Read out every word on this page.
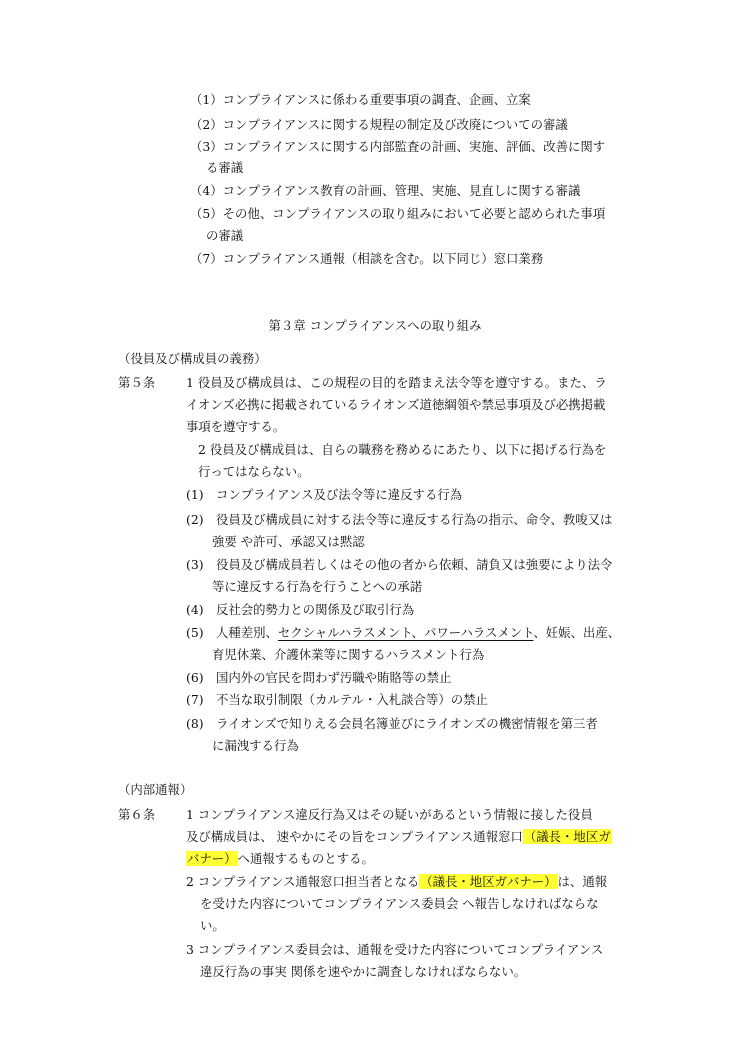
（1）コンプライアンスに係わる重要事項の調査、企画、立案
（2）コンプライアンスに関する規程の制定及び改廃についての審議
（3）コンプライアンスに関する内部監査の計画、実施、評価、改善に関す
る審議
（4）コンプライアンス教育の計画、管理、実施、見直しに関する審議
（5）その他、コンプライアンスの取り組みにおいて必要と認められた事項
の審議
（7）コンプライアンス通報（相談を含む。以下同じ）窓口業務
第３章 コンプライアンスへの取り組み
（役員及び構成員の義務）
第５条 1 役員及び構成員は、この規程の目的を踏まえ法令等を遵守する。また、ラ
イオンズ必携に掲載されているライオンズ道徳綱領や禁忌事項及び必携掲載
事項を遵守する。
2 役員及び構成員は、自らの職務を務めるにあたり、以下に掲げる行為を
行ってはならない。
(1)　コンプライアンス及び法令等に違反する行為
(2)　役員及び構成員に対する法令等に違反する行為の指示、命令、教唆又は
強要 や許可、承認又は黙認
(3)　役員及び構成員若しくはその他の者から依頼、請負又は強要により法令
等に違反する行為を行うことへの承諾
(4)　反社会的勢力との関係及び取引行為
(5)　人種差別、セクシャルハラスメント、パワーハラスメント、妊娠、出産、
育児休業、介護休業等に関するハラスメント行為
(6)　国内外の官民を問わず汚職や賄賂等の禁止
(7)　不当な取引制限（カルテル・入札談合等）の禁止
(8)　ライオンズで知りえる会員名簿並びにライオンズの機密情報を第三者
に漏洩する行為
（内部通報）
第６条 1 コンプライアンス違反行為又はその疑いがあるという情報に接した役員
及び構成員は、 速やかにその旨をコンプライアンス通報窓口（議長・地区ガ
バナー）へ通報するものとする。
2 コンプライアンス通報窓口担当者となる（議長・地区ガバナー）は、通報
を受けた内容についてコンプライアンス委員会 へ報告しなければならな
い。
3 コンプライアンス委員会は、通報を受けた内容についてコンプライアンス
違反行為の事実 関係を速やかに調査しなければならない。
